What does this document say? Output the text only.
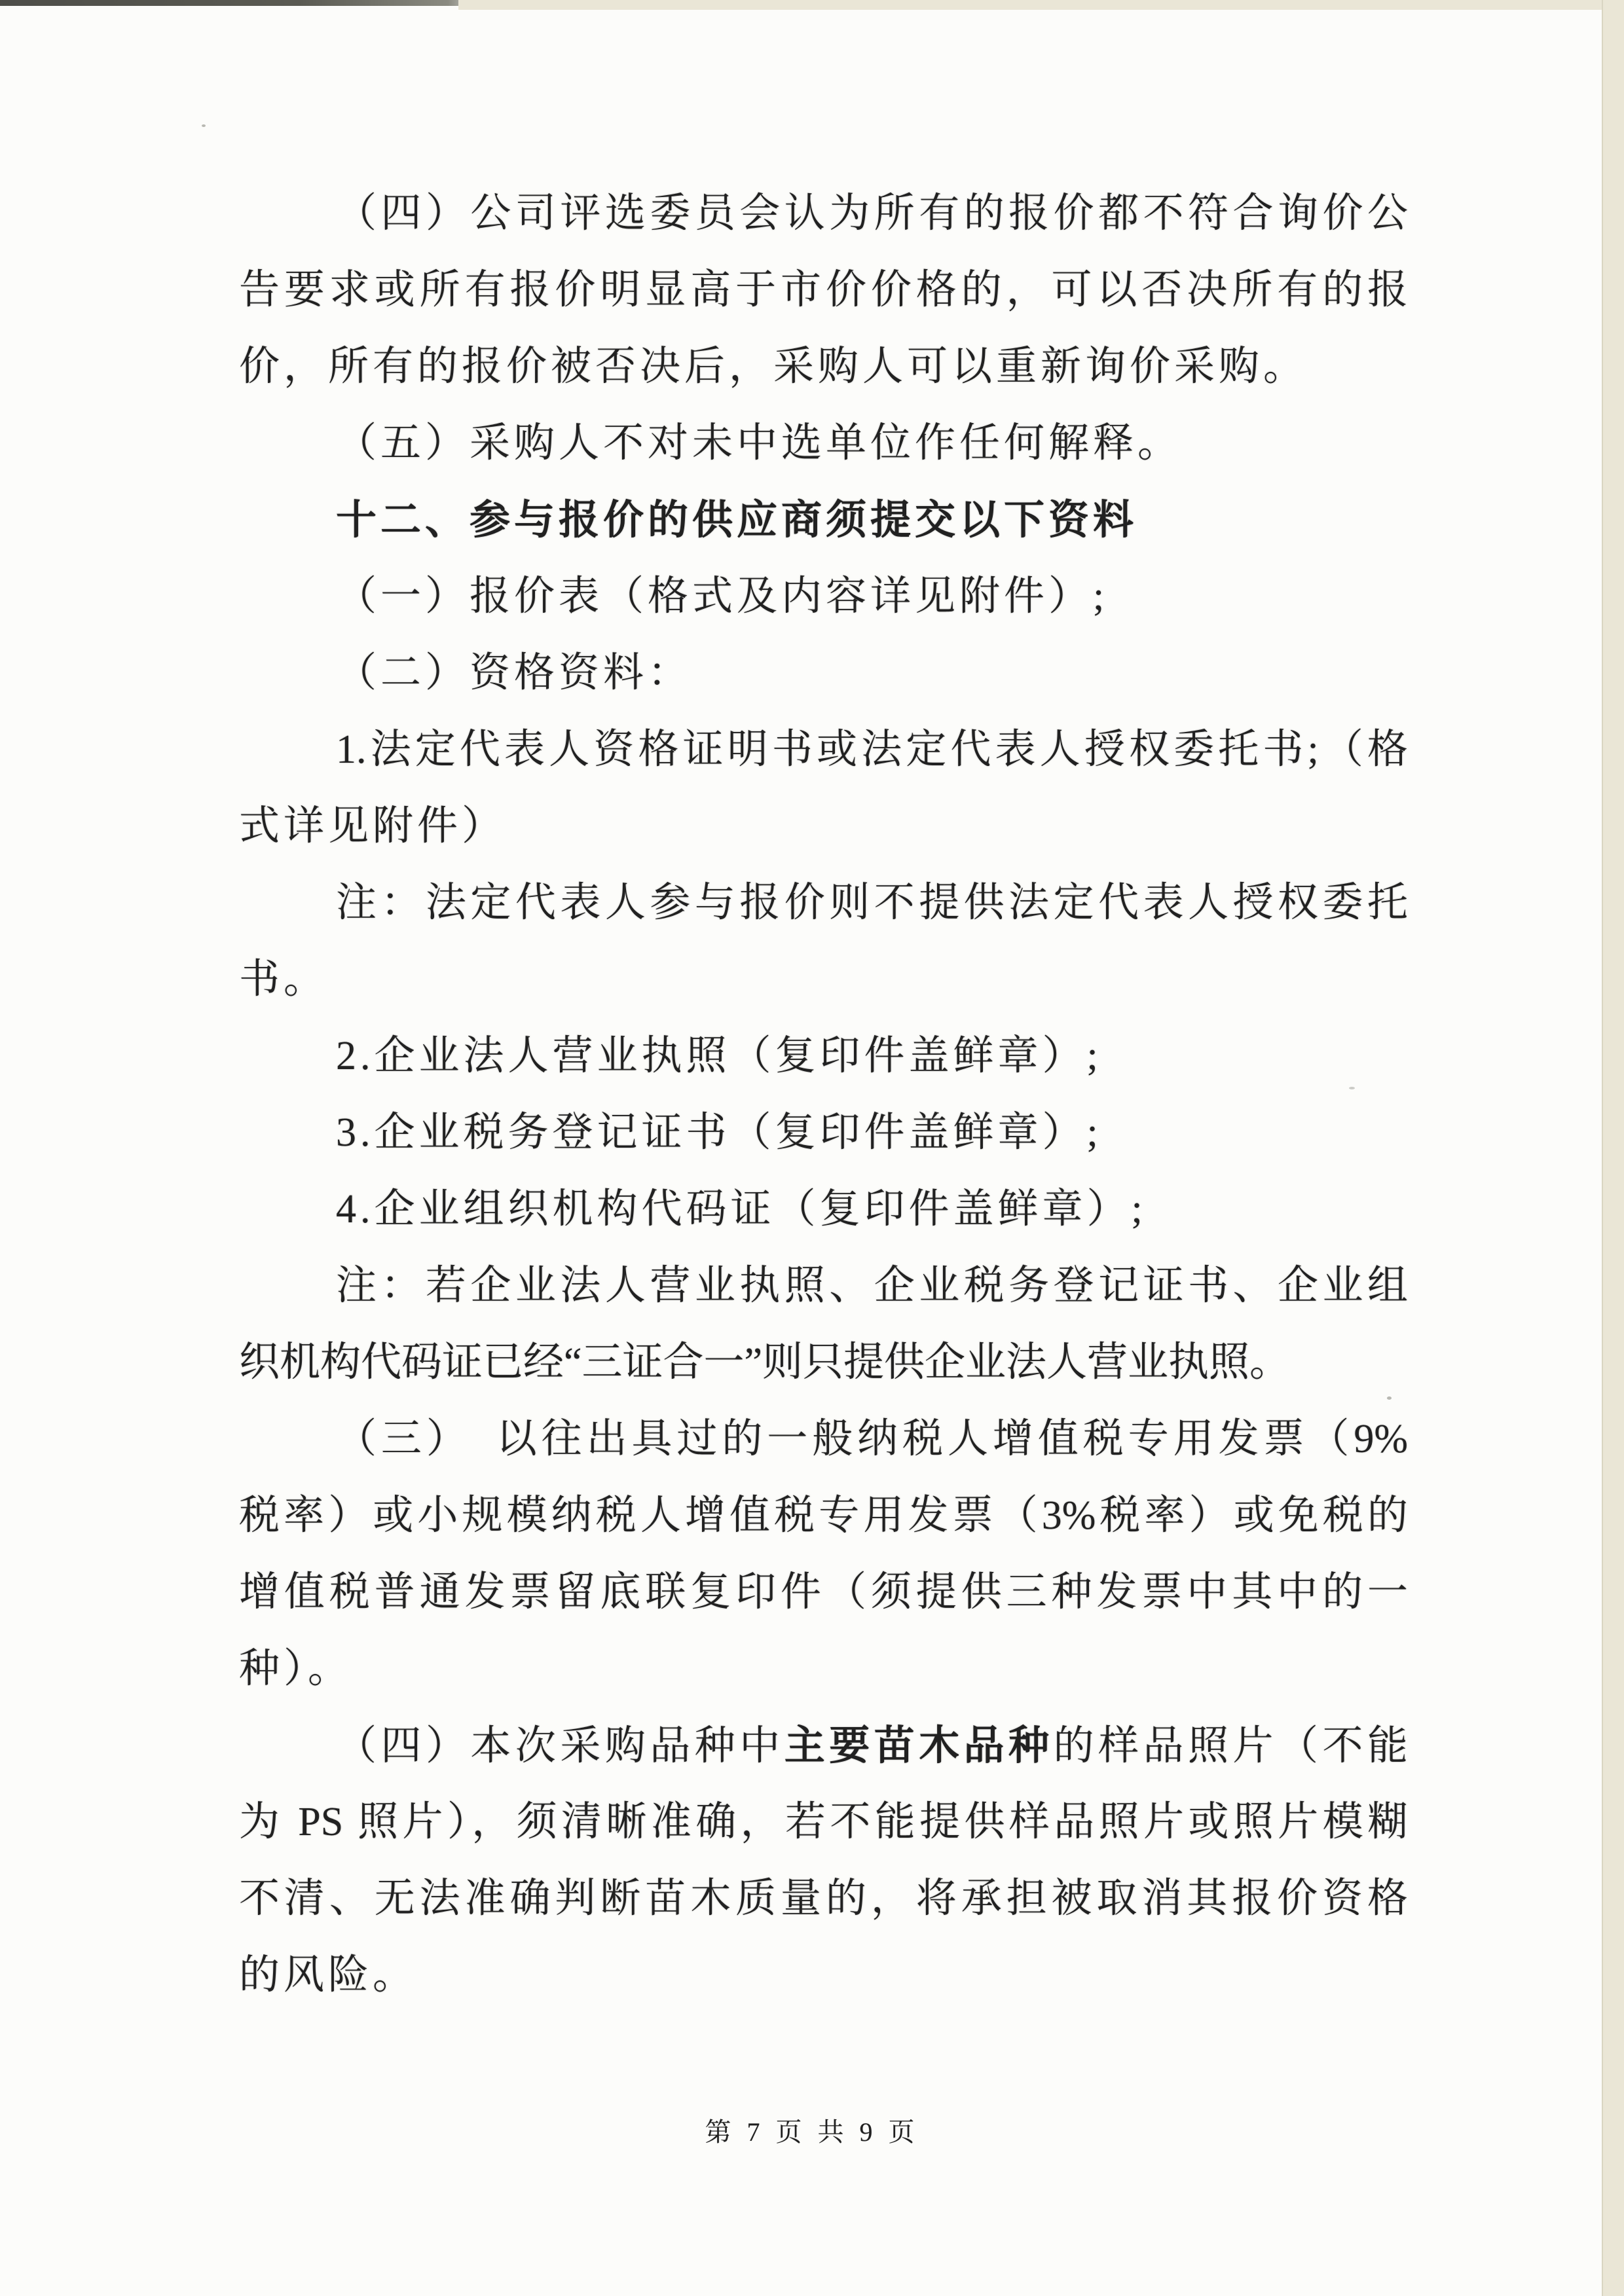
（四）公司评选委员会认为所有的报价都不符合询价公
告要求或所有报价明显高于市价价格的，可以否决所有的报
价，所有的报价被否决后，采购人可以重新询价采购。
（五）采购人不对未中选单位作任何解释。
十二、参与报价的供应商须提交以下资料
（一）报价表（格式及内容详见附件）;
（二）资格资料：
1.法定代表人资格证明书或法定代表人授权委托书;（格
式详见附件）
注：法定代表人参与报价则不提供法定代表人授权委托
书。
2.企业法人营业执照（复印件盖鲜章）;
3.企业税务登记证书（复印件盖鲜章）;
4.企业组织机构代码证（复印件盖鲜章）;
注：若企业法人营业执照、企业税务登记证书、企业组
织机构代码证已经“三证合一”则只提供企业法人营业执照。
（三）　以往出具过的一般纳税人增值税专用发票（9%
税率）或小规模纳税人增值税专用发票（3%税率）或免税的
增值税普通发票留底联复印件（须提供三种发票中其中的一
种）。
（四）本次采购品种中主要苗木品种的样品照片（不能
为 PS 照片），须清晰准确，若不能提供样品照片或照片模糊
不清、无法准确判断苗木质量的，将承担被取消其报价资格
的风险。
第 7 页 共 9 页
